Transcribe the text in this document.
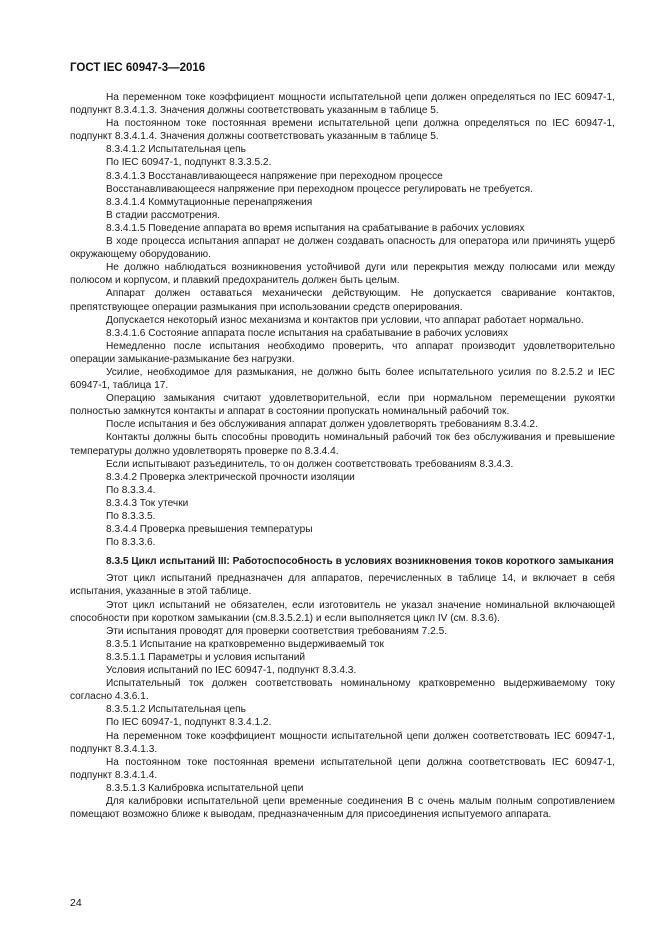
ГОСТ IEC 60947-3—2016

На переменном токе коэффициент мощности испытательной цепи должен определяться по IEC 60947-1, подпункт 8.3.4.1.3. Значения должны соответствовать указанным в таблице 5.

На постоянном токе постоянная времени испытательной цепи должна определяться по IEC 60947-1, подпункт 8.3.4.1.4. Значения должны соответствовать указанным в таблице 5.

8.3.4.1.2 Испытательная цепь

По IEC 60947-1, подпункт 8.3.3.5.2.

8.3.4.1.3 Восстанавливающееся напряжение при переходном процессе

Восстанавливающееся напряжение при переходном процессе регулировать не требуется.

8.3.4.1.4 Коммутационные перенапряжения

В стадии рассмотрения.

8.3.4.1.5 Поведение аппарата во время испытания на срабатывание в рабочих условиях

В ходе процесса испытания аппарат не должен создавать опасность для оператора или причинять ущерб окружающему оборудованию.

Не должно наблюдаться возникновения устойчивой дуги или перекрытия между полюсами или между полюсом и корпусом, и плавкий предохранитель должен быть целым.

Аппарат должен оставаться механически действующим. Не допускается сваривание контактов, препятствующее операции размыкания при использовании средств оперирования.

Допускается некоторый износ механизма и контактов при условии, что аппарат работает нормально.

8.3.4.1.6 Состояние аппарата после испытания на срабатывание в рабочих условиях

Немедленно после испытания необходимо проверить, что аппарат производит удовлетворительно операции замыкание-размыкание без нагрузки.

Усилие, необходимое для размыкания, не должно быть более испытательного усилия по 8.2.5.2 и IEC 60947-1, таблица 17.

Операцию замыкания считают удовлетворительной, если при нормальном перемещении рукоятки полностью замкнутся контакты и аппарат в состоянии пропускать номинальный рабочий ток.

После испытания и без обслуживания аппарат должен удовлетворять требованиям 8.3.4.2.

Контакты должны быть способны проводить номинальный рабочий ток без обслуживания и превышение температуры должно удовлетворять проверке по 8.3.4.4.

Если испытывают разъединитель, то он должен соответствовать требованиям 8.3.4.3.

8.3.4.2 Проверка электрической прочности изоляции

По 8.3.3.4.

8.3.4.3 Ток утечки

По 8.3.3.5.

8.3.4.4 Проверка превышения температуры

По 8.3.3.6.

8.3.5 Цикл испытаний III: Работоспособность в условиях возникновения токов короткого замыкания

Этот цикл испытаний предназначен для аппаратов, перечисленных в таблице 14, и включает в себя испытания, указанные в этой таблице.

Этот цикл испытаний не обязателен, если изготовитель не указал значение номинальной включающей способности при коротком замыкании (см.8.3.5.2.1) и если выполняется цикл IV (см. 8.3.6).

Эти испытания проводят для проверки соответствия требованиям 7.2.5.

8.3.5.1 Испытание на кратковременно выдерживаемый ток

8.3.5.1.1 Параметры и условия испытаний

Условия испытаний по IEC 60947-1, подпункт 8.3.4.3.

Испытательный ток должен соответствовать номинальному кратковременно выдерживаемому току согласно 4.3.6.1.

8.3.5.1.2 Испытательная цепь

По IEC 60947-1, подпункт 8.3.4.1.2.

На переменном токе коэффициент мощности испытательной цепи должен соответствовать IEC 60947-1, подпункт 8.3.4.1.3.

На постоянном токе постоянная времени испытательной цепи должна соответствовать IEC 60947-1, подпункт 8.3.4.1.4.

8.3.5.1.3 Калибровка испытательной цепи

Для калибровки испытательной цепи временные соединения B с очень малым полным сопротивлением помещают возможно ближе к выводам, предназначенным для присоединения испытуемого аппарата.

24
